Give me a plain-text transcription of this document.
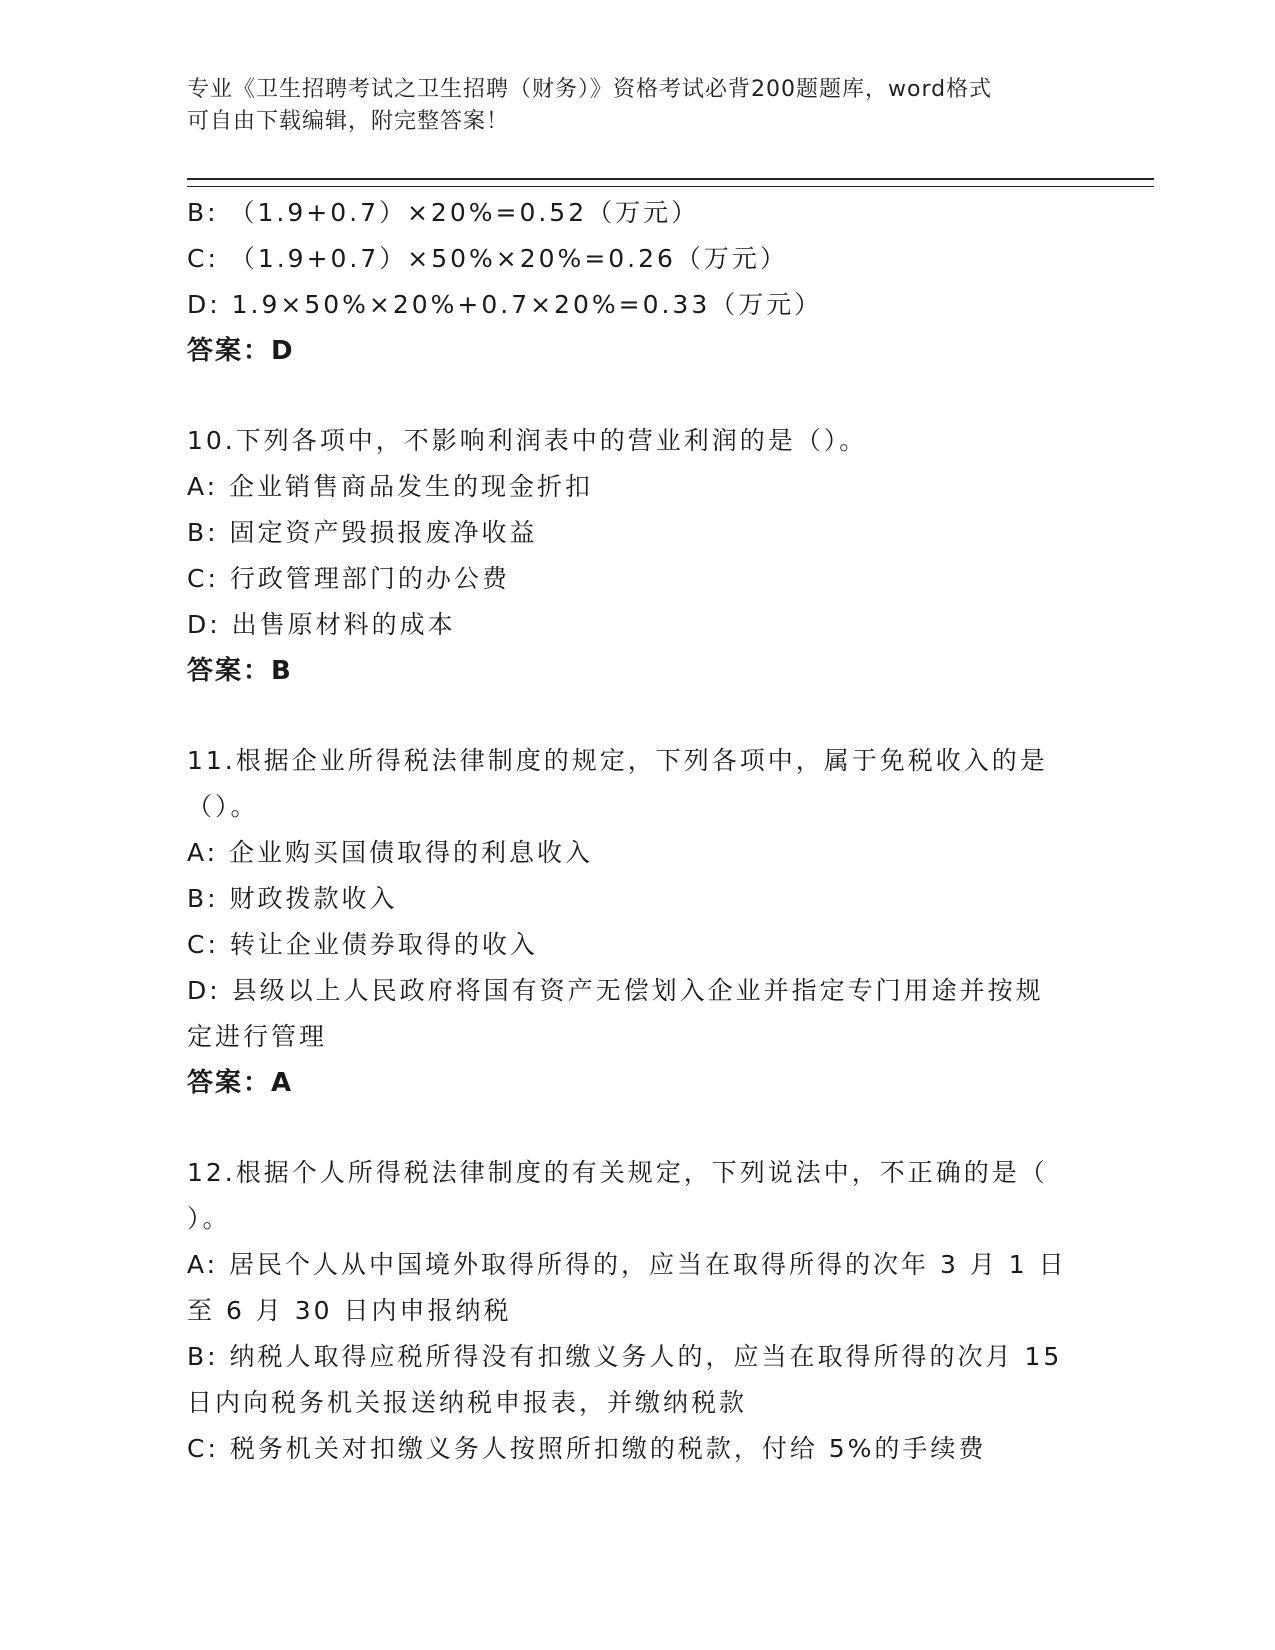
专业《卫生招聘考试之卫生招聘（财务）》资格考试必背200题题库，word格式
可自由下载编辑，附完整答案！
B: （1.9+0.7）×20%=0.52（万元）
C: （1.9+0.7）×50%×20%=0.26（万元）
D: 1.9×50%×20%+0.7×20%=0.33（万元）
答案：D
10.下列各项中，不影响利润表中的营业利润的是（）。
A: 企业销售商品发生的现金折扣
B: 固定资产毁损报废净收益
C: 行政管理部门的办公费
D: 出售原材料的成本
答案：B
11.根据企业所得税法律制度的规定，下列各项中，属于免税收入的是
（）。
A: 企业购买国债取得的利息收入
B: 财政拨款收入
C: 转让企业债券取得的收入
D: 县级以上人民政府将国有资产无偿划入企业并指定专门用途并按规
定进行管理
答案：A
12.根据个人所得税法律制度的有关规定，下列说法中，不正确的是（
）。
A: 居民个人从中国境外取得所得的，应当在取得所得的次年 3 月 1 日
至 6 月 30 日内申报纳税
B: 纳税人取得应税所得没有扣缴义务人的，应当在取得所得的次月 15
日内向税务机关报送纳税申报表，并缴纳税款
C: 税务机关对扣缴义务人按照所扣缴的税款，付给 5%的手续费
